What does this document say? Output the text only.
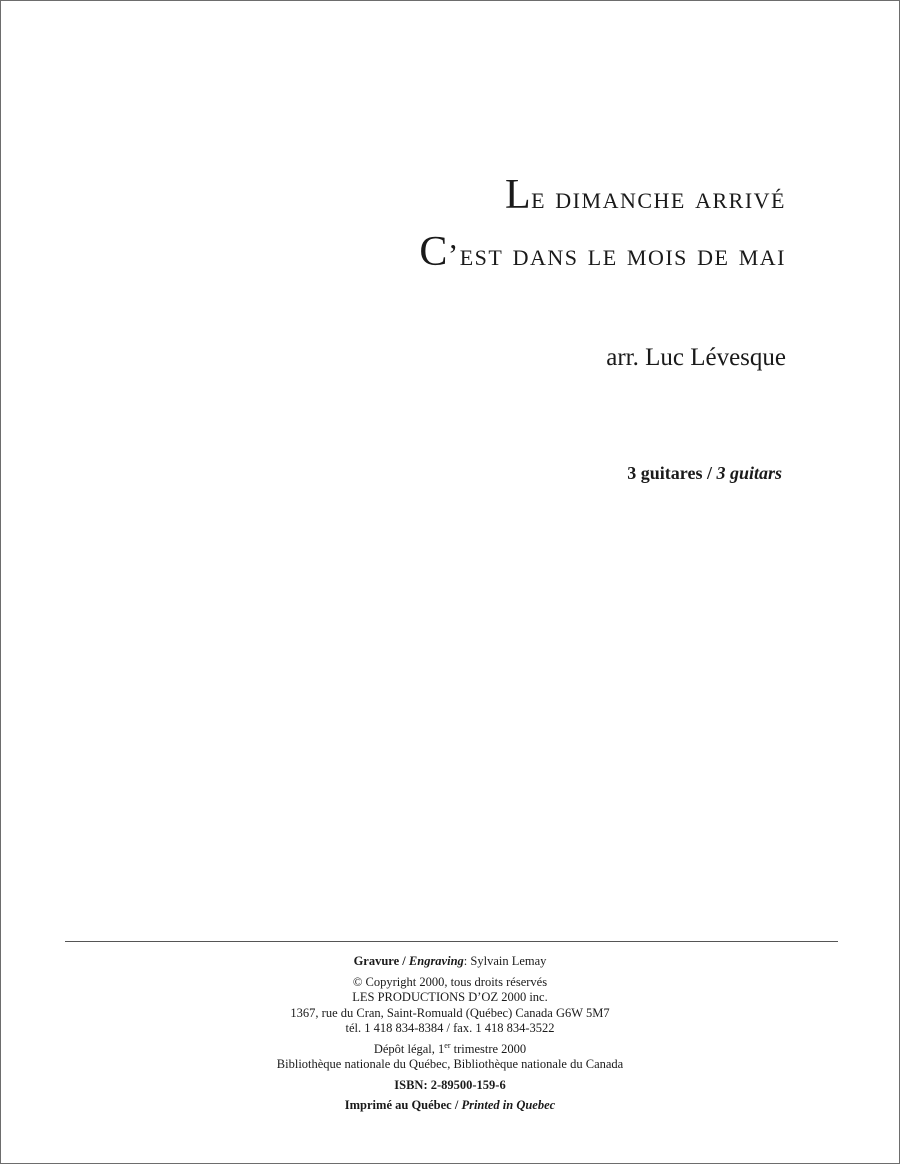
Le dimanche arrivé
C’est dans le mois de mai
arr. Luc Lévesque
3 guitares / 3 guitars
Gravure / Engraving: Sylvain Lemay
© Copyright 2000, tous droits réservés
LES PRODUCTIONS D’OZ 2000 inc.
1367, rue du Cran, Saint-Romuald (Québec) Canada G6W 5M7
tél. 1 418 834-8384 / fax. 1 418 834-3522
Dépôt légal, 1er trimestre 2000
Bibliothèque nationale du Québec, Bibliothèque nationale du Canada
ISBN: 2-89500-159-6
Imprimé au Québec / Printed in Quebec
